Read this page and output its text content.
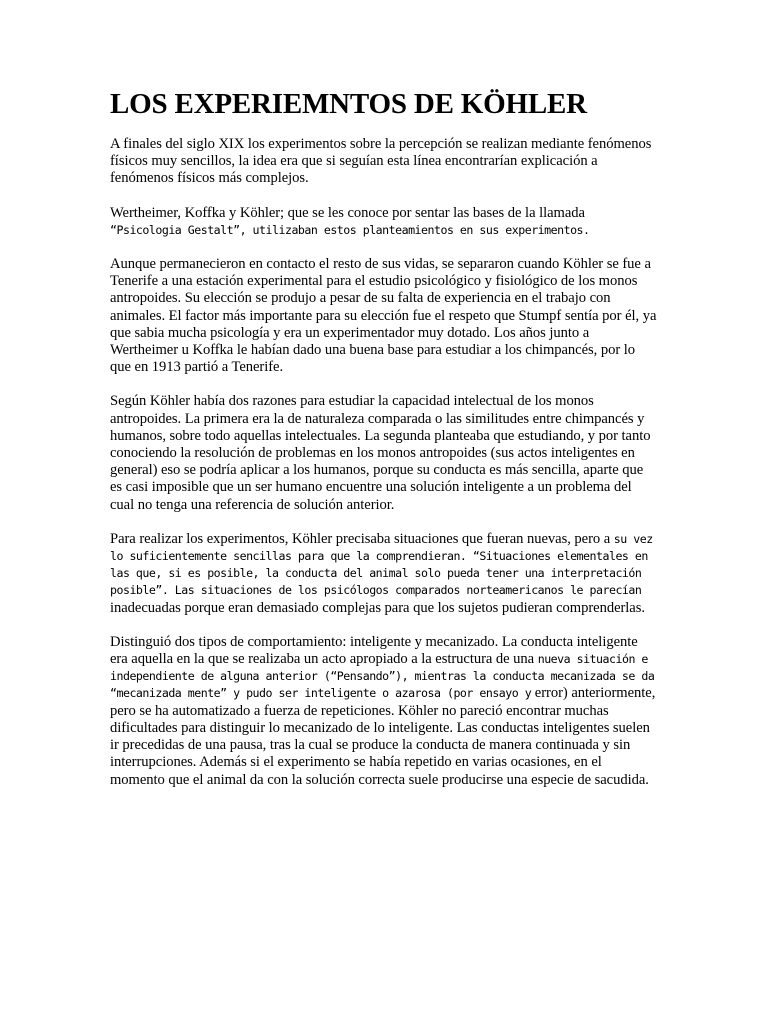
LOS EXPERIEMNTOS DE KÖHLER

A finales del siglo XIX los experimentos sobre la percepción se realizan mediante fenómenos físicos muy sencillos, la idea era que si seguían esta línea encontrarían explicación a fenómenos físicos más complejos.

Wertheimer, Koffka y Köhler; que se les conoce por sentar las bases de la llamada “Psicologia Gestalt”, utilizaban estos planteamientos en sus experimentos.

Aunque permanecieron en contacto el resto de sus vidas, se separaron cuando Köhler se fue a Tenerife a una estación experimental para el estudio psicológico y fisiológico de los monos antropoides. Su elección se produjo a pesar de su falta de experiencia en el trabajo con animales. El factor más importante para su elección fue el respeto que Stumpf sentía por él, ya que sabia mucha psicología y era un experimentador muy dotado. Los años junto a Wertheimer u Koffka le habían dado una buena base para estudiar a los chimpancés, por lo que en 1913 partió a Tenerife.

Según Köhler había dos razones para estudiar la capacidad intelectual de los monos antropoides. La primera era la de naturaleza comparada o las similitudes entre chimpancés y humanos, sobre todo aquellas intelectuales. La segunda planteaba que estudiando, y por tanto conociendo la resolución de problemas en los monos antropoides (sus actos inteligentes en general) eso se podría aplicar a los humanos, porque su conducta es más sencilla, aparte que es casi imposible que un ser humano encuentre una solución inteligente a un problema del cual no tenga una referencia de solución anterior.

Para realizar los experimentos, Köhler precisaba situaciones que fueran nuevas, pero a su vez lo suficientemente sencillas para que la comprendieran. “Situaciones elementales en las que, si es posible, la conducta del animal solo pueda tener una interpretación posible”. Las situaciones de los psicólogos comparados norteamericanos le parecían inadecuadas porque eran demasiado complejas para que los sujetos pudieran comprenderlas.

Distinguió dos tipos de comportamiento: inteligente y mecanizado. La conducta inteligente era aquella en la que se realizaba un acto apropiado a la estructura de una nueva situación e independiente de alguna anterior (“Pensando”), mientras la conducta mecanizada se da “mecanizada mente” y pudo ser inteligente o azarosa (por ensayo y error) anteriormente, pero se ha automatizado a fuerza de repeticiones. Köhler no pareció encontrar muchas dificultades para distinguir lo mecanizado de lo inteligente. Las conductas inteligentes suelen ir precedidas de una pausa, tras la cual se produce la conducta de manera continuada y sin interrupciones. Además si el experimento se había repetido en varias ocasiones, en el momento que el animal da con la solución correcta suele producirse una especie de sacudida.
